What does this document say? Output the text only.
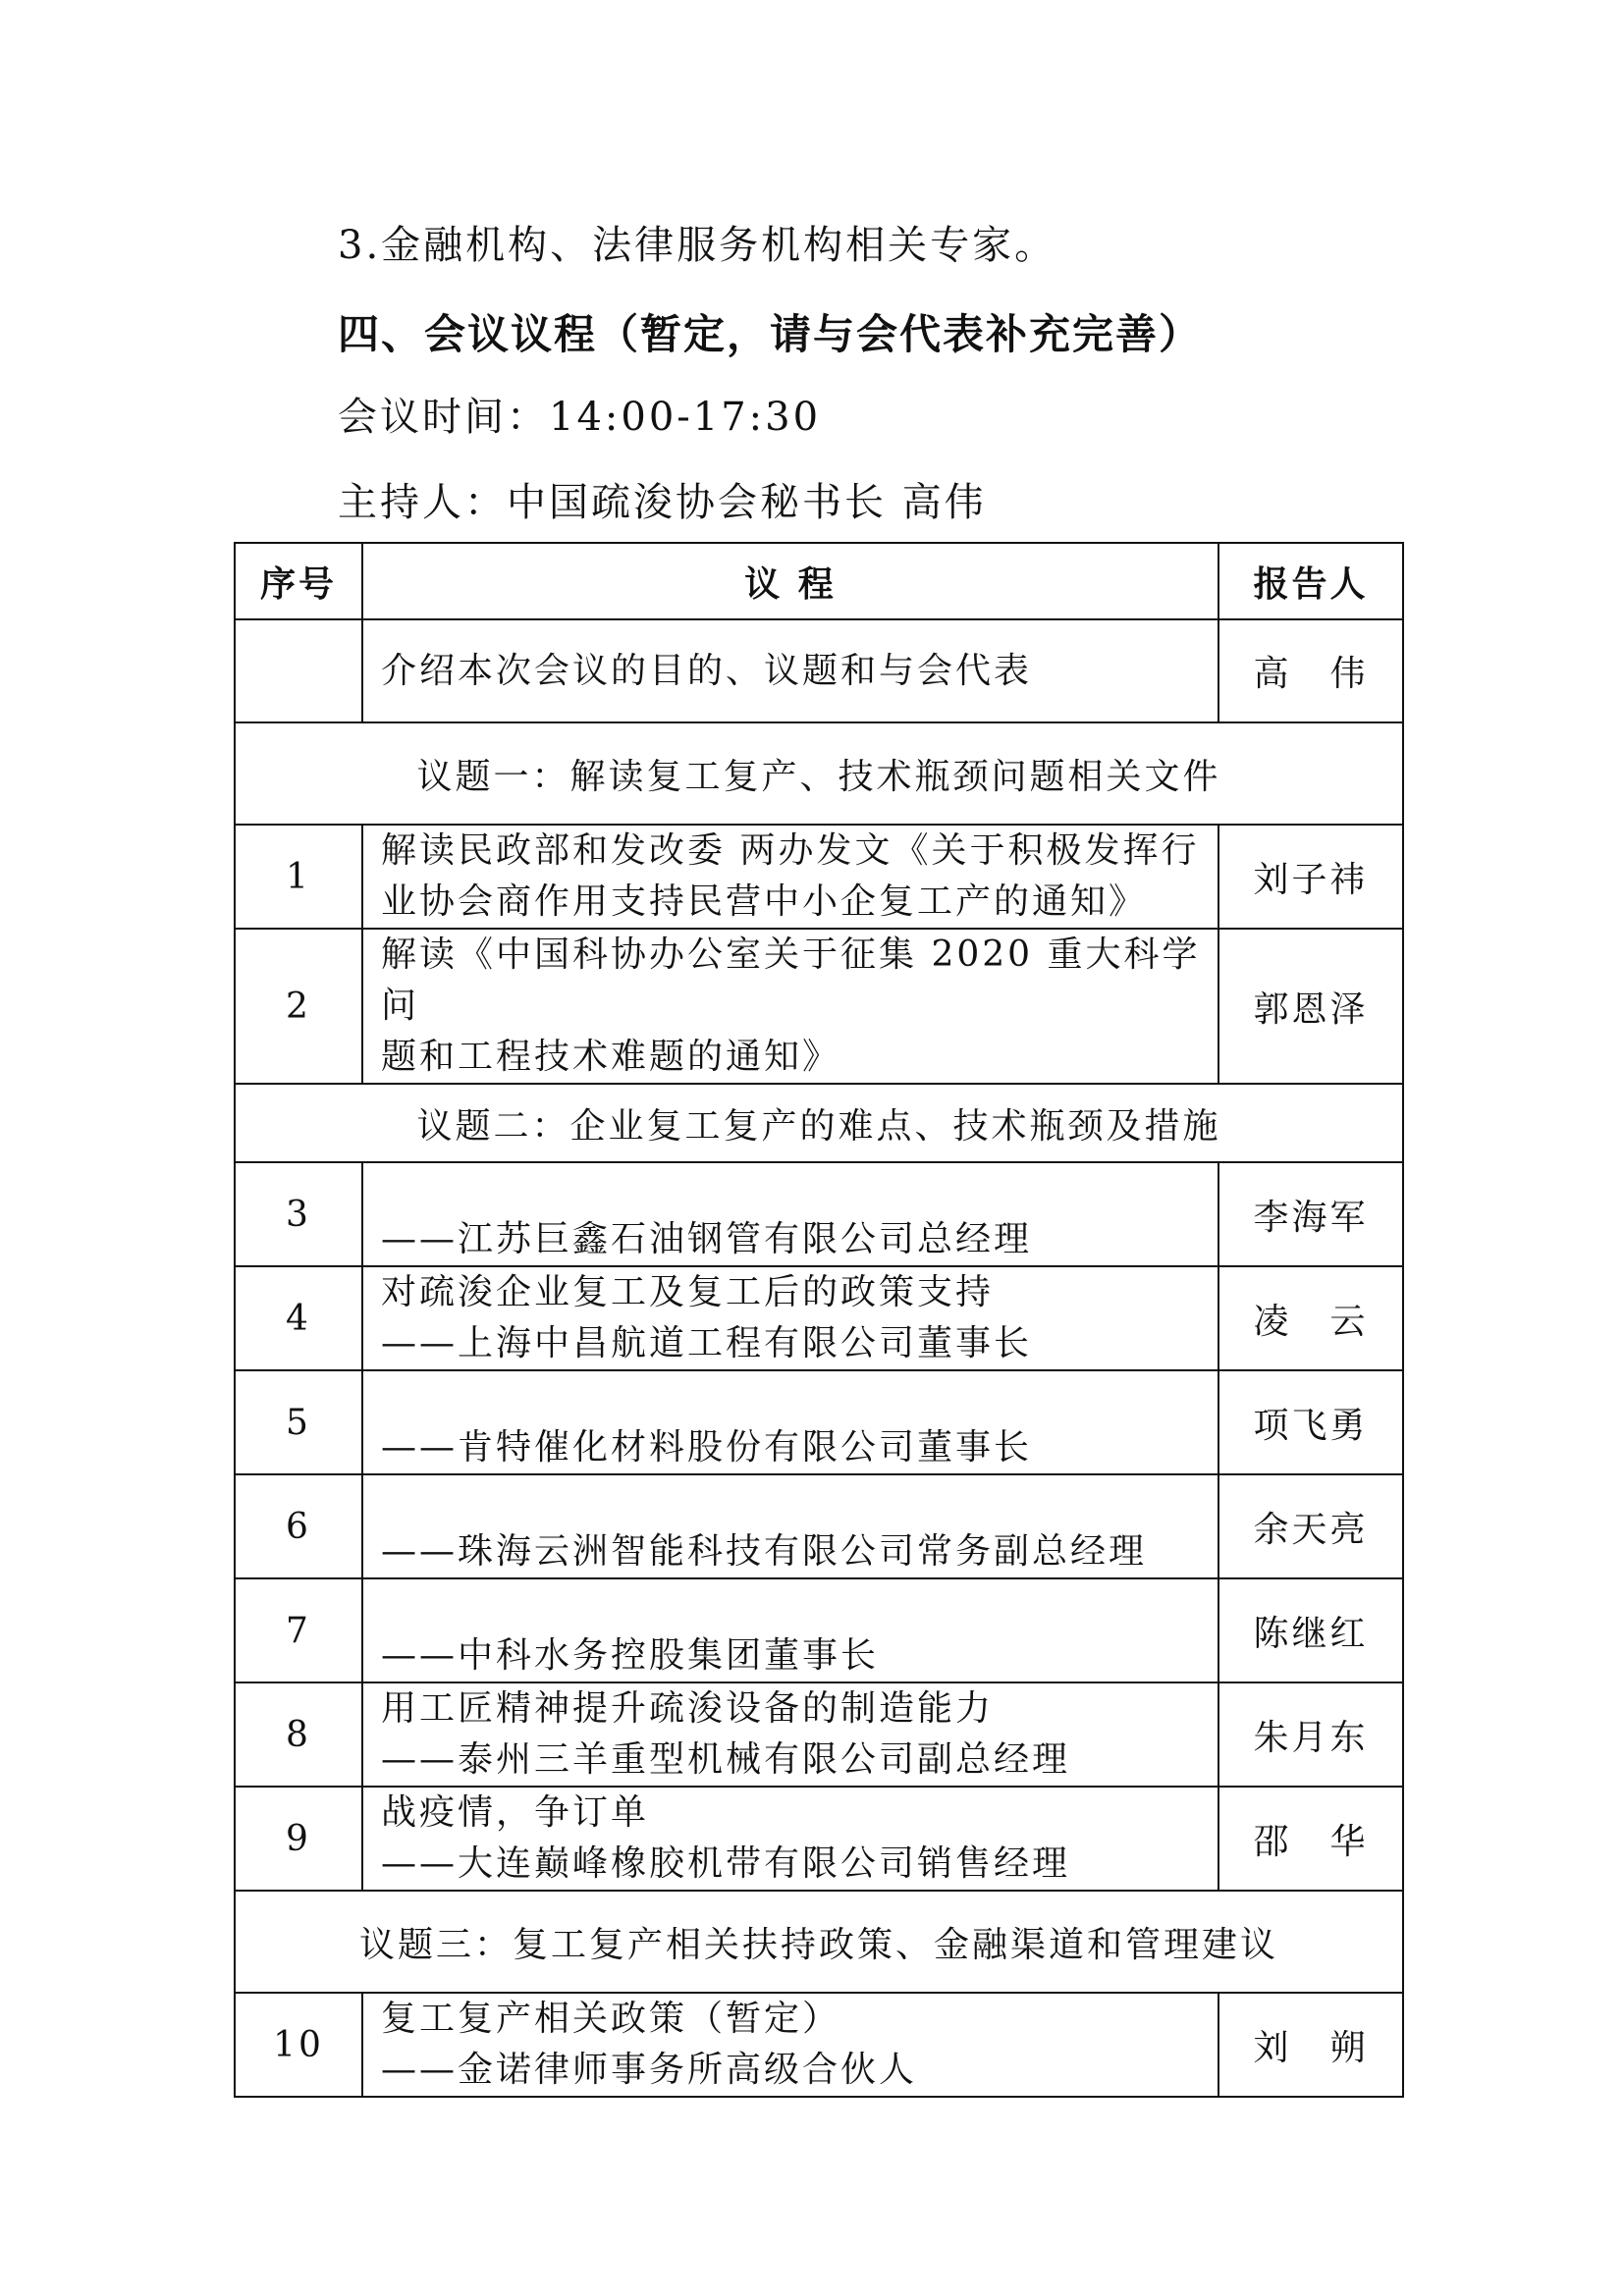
3.金融机构、法律服务机构相关专家。
四、会议议程（暂定，请与会代表补充完善）
会议时间：14:00-17:30
主持人：中国疏浚协会秘书长 高伟
序号	议 程	报告人
	介绍本次会议的目的、议题和与会代表	高　伟
议题一：解读复工复产、技术瓶颈问题相关文件		
1	解读民政部和发改委 两办发文《关于积极发挥行
业协会商作用支持民营中小企复工产的通知》	刘子祎
2	解读《中国科协办公室关于征集 2020 重大科学问
题和工程技术难题的通知》	郭恩泽
议题二：企业复工复产的难点、技术瓶颈及措施		
3	——江苏巨鑫石油钢管有限公司总经理	李海军
4	对疏浚企业复工及复工后的政策支持
——上海中昌航道工程有限公司董事长	凌　云
5	——肯特催化材料股份有限公司董事长	项飞勇
6	——珠海云洲智能科技有限公司常务副总经理	余天亮
7	——中科水务控股集团董事长	陈继红
8	用工匠精神提升疏浚设备的制造能力
——泰州三羊重型机械有限公司副总经理	朱月东
9	战疫情，争订单
——大连巅峰橡胶机带有限公司销售经理	邵　华
议题三：复工复产相关扶持政策、金融渠道和管理建议		
10	复工复产相关政策（暂定）
——金诺律师事务所高级合伙人	刘　朔
